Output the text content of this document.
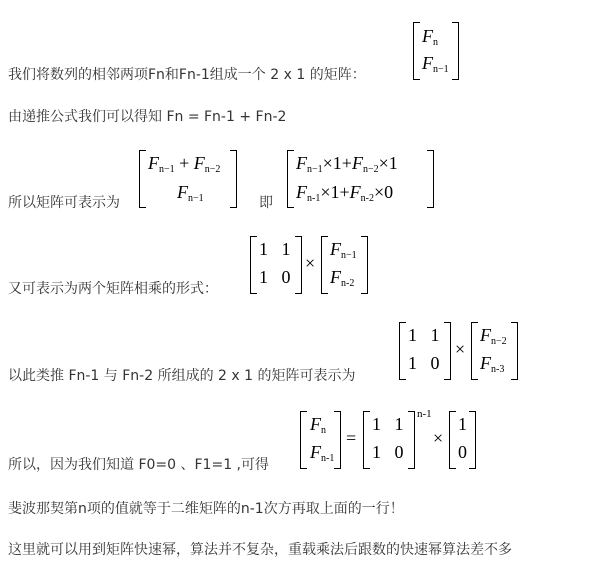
我们将数列的相邻两项Fn和Fn-1组成一个 2 x 1 的矩阵：
$F_n$
$F_{n-1}$
由递推公式我们可以得知 Fn = Fn-1 + Fn-2
所以矩阵可表示为
$F_{n-1} + F_{n-2}$
$F_{n-1}$	即
$F_{n-1}\times 1+F_{n-2}\times 1$
$F_{n-1}\times 1+F_{n-2}\times 0$
又可表示为两个矩阵相乘的形式：
1 1
1 0
×
$F_{n-1}$
$F_{n-2}$
以此类推 Fn-1 与 Fn-2 所组成的 2 x 1 的矩阵可表示为
1 1
1 0
×
$F_{n-2}$
$F_{n-3}$
所以，因为我们知道 F0=0 、F1=1 ,可得
$F_n$
$F_{n-1}$
=
1 1
1 0
n-1
×
1
0
斐波那契第n项的值就等于二维矩阵的n-1次方再取上面的一行！
这里就可以用到矩阵快速幂，算法并不复杂，重载乘法后跟数的快速幂算法差不多
